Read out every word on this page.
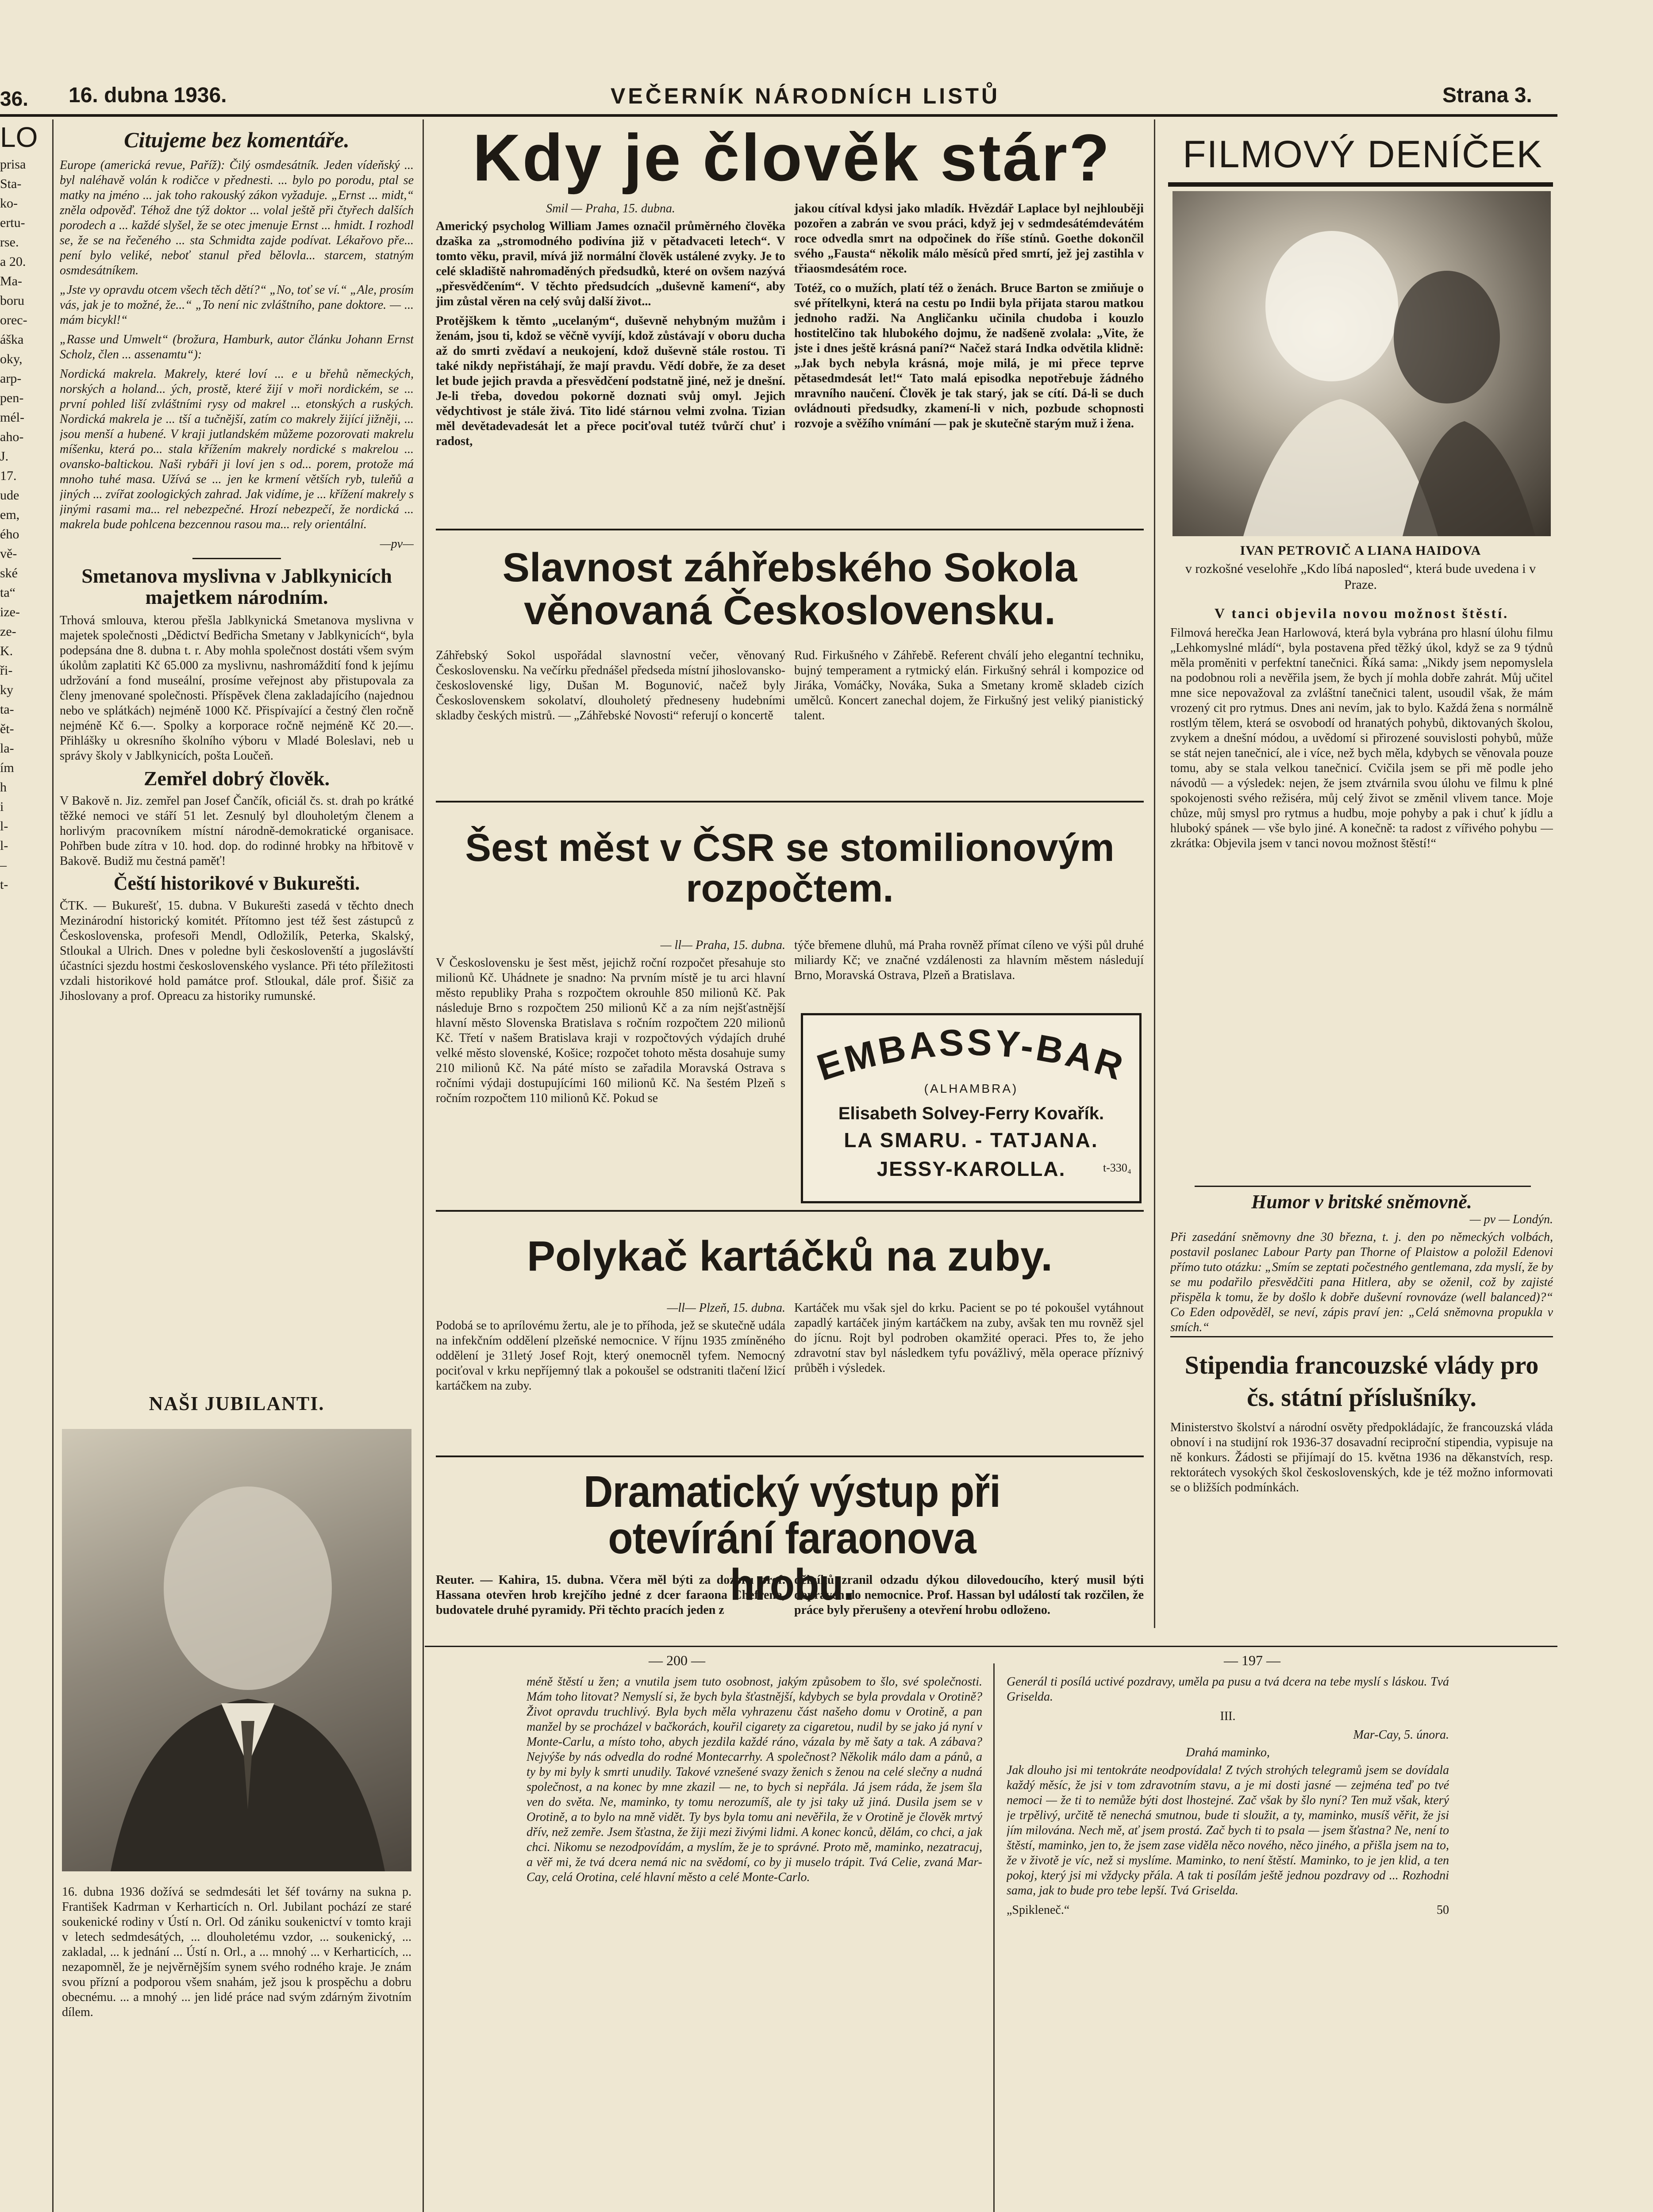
36. 16. dubna 1936.	VEČERNÍK NÁRODNÍCH LISTŮ	Strana 3.
LO
prisa
Sta-
ko-
ertu-
rse.
a 20.
Ma-
boru
orec-
áška
oky,
arp-
pen-
mél-
aho-
J.
17.
ude
em,
ého
vě-
ské
ta“
ize-
ze-
K.
ři-
ky
ta-
ět-
la-
ím
h
i
l-
l-
–
t-
Citujeme bez komentáře.

Europe (americká revue, Paříž): Čilý osmdesátník. Jeden vídeňský ... byl naléhavě volán k rodičce v přednesti. ... bylo po porodu, ptal se matky na jméno ... jak toho rakouský zákon vyžaduje. „Ernst ... midt,“ zněla odpověď. Téhož dne týž doktor ... volal ještě při čtyřech dalších porodech a ... každé slyšel, že se otec jmenuje Ernst ... hmidt. I rozhodl se, že se na řečeného ... sta Schmidta zajde podívat. Lékařovo pře... pení bylo veliké, neboť stanul před bělovla... starcem, statným osmdesátníkem.

„Jste vy opravdu otcem všech těch dětí?“ „No, toť se ví.“ „Ale, prosím vás, jak je to možné, že...“ „To není nic zvláštního, pane doktore. — ... mám bicykl!“

„Rasse und Umwelt“ (brožura, Hamburk, autor článku Johann Ernst Scholz, člen ... assenamtu“):

Nordická makrela. Makrely, které loví ... e u břehů německých, norských a holand... ých, prostě, které žijí v moři nordickém, se ... první pohled liší zvláštními rysy od makrel ... etonských a ruských. Nordická makrela je ... tší a tučnější, zatím co makrely žijící jižněji, ... jsou menší a hubené. V kraji jutlandském můžeme pozorovati makrelu míšenku, která po... stala křížením makrely nordické s makrelou ... ovansko-baltickou. Naši rybáři ji loví jen s od... porem, protože má mnoho tuhé masa. Užívá se ... jen ke krmení větších ryb, tuleňů a jiných ... zvířat zoologických zahrad. Jak vidíme, je ... křížení makrely s jinými rasami ma... rel nebezpečné. Hrozí nebezpečí, že nordická ... makrela bude pohlcena bezcennou rasou ma... rely orientální.

—pv—
Smetanova myslivna v Jablkynicích majetkem národním.

Trhová smlouva, kterou přešla Jablkynická Smetanova myslivna v majetek společnosti „Dědictví Bedřicha Smetany v Jablkynicích“, byla podepsána dne 8. dubna t. r. Aby mohla společnost dostáti všem svým úkolům zaplatiti Kč 65.000 za myslivnu, nashromáždití fond k jejímu udržování a fond museální, prosíme veřejnost aby přistupovala za členy jmenované společnosti. Příspěvek člena zakladajícího (najednou nebo ve splátkách) nejméně 1000 Kč. Přispívající a čestný člen ročně nejméně Kč 6.—. Spolky a korporace ročně nejméně Kč 20.—. Přihlášky u okresního školního výboru v Mladé Boleslavi, neb u správy školy v Jablkynicích, pošta Loučeň.

Zemřel dobrý člověk.

V Bakově n. Jiz. zemřel pan Josef Čančík, oficiál čs. st. drah po krátké těžké nemoci ve stáří 51 let. Zesnulý byl dlouholetým členem a horlivým pracovníkem místní národně-demokratické organisace. Pohřben bude zítra v 10. hod. dop. do rodinné hrobky na hřbitově v Bakově. Budiž mu čestná paměť!

Čeští historikové v Bukurešti.

ČTK. — Bukurešť, 15. dubna. V Bukurešti zasedá v těchto dnech Mezinárodní historický komitét. Přítomno jest též šest zástupců z Československa, profesoři Mendl, Odložilík, Peterka, Skalský, Stloukal a Ulrich. Dnes v poledne byli českoslovenští a jugoslávští účastníci sjezdu hostmi československého vyslance. Při této příležitosti vzdali historikové hold památce prof. Stloukal, dále prof. Šišič za Jihoslovany a prof. Opreacu za historiky rumunské.

NAŠI JUBILANTI.

16. dubna 1936 dožívá se sedmdesáti let šéf továrny na sukna p. František Kadrman v Kerharticích n. Orl. Jubilant pochází ze staré soukenické rodiny v Ústí n. Orl. Od zániku soukenictví v tomto kraji v letech sedmdesátých, ... dlouholetému vzdor, ... soukenický, ... zakladal, ... k jednání ... Ústí n. Orl., a ... mnohý ... v Kerharticích, ... nezapomněl, že je nejvěrnějším synem svého rodného kraje. Je znám svou přízní a podporou všem snahám, jež jsou k prospěchu a dobru obecnému. ... a mnohý ... jen lidé práce nad svým zdárným životním dílem.

Kdy je člověk stár?
Smil — Praha, 15. dubna.

Americký psycholog William James označil průměrného člověka dzaška za „stromodného podivína již v pětadvaceti letech“. V tomto věku, pravil, mívá již normální člověk ustálené zvyky. Je to celé skladiště nahromaděných předsudků, které on ovšem nazývá „přesvědčením“. V těchto předsudcích „duševně kamení“, aby jim zůstal věren na celý svůj další život...

Protějškem k těmto „ucelaným“, duševně nehybným mužům i ženám, jsou ti, kdož se věčně vyvíjí, kdož zůstávají v oboru ducha až do smrti zvědaví a neukojení, kdož duševně stále rostou. Ti také nikdy nepřistáhají, že mají pravdu. Vědí dobře, že za deset let bude jejich pravda a přesvědčení podstatně jiné, než je dnešní. Je-li třeba, dovedou pokorně doznati svůj omyl. Jejich vědychtivost je stále živá. Tito lidé stárnou velmi zvolna. Tizian měl devětadevadesát let a přece pociťoval tutéž tvůrčí chuť i radost,

jakou cítíval kdysi jako mladík. Hvězdář Laplace byl nejhlouběji pozořen a zabrán ve svou práci, když jej v sedmdesátémdevátém roce odvedla smrt na odpočinek do říše stínů. Goethe dokončil svého „Fausta“ několik málo měsíců před smrtí, jež jej zastihla v třiaosmdesátém roce.

Totéž, co o mužích, platí též o ženách. Bruce Barton se zmiňuje o své přítelkyni, která na cestu po Indii byla přijata starou matkou jednoho radži. Na Angličanku učinila chudoba i kouzlo hostitelčino tak hlubokého dojmu, že nadšeně zvolala: „Vite, že jste i dnes ještě krásná paní?“ Načež stará Indka odvětila klidně: „Jak bych nebyla krásná, moje milá, je mi přece teprve pětasedmdesát let!“ Tato malá episodka nepotřebuje žádného mravního naučení. Člověk je tak starý, jak se cítí. Dá-li se duch ovládnouti předsudky, zkamení-li v nich, pozbude schopnosti rozvoje a svěžího vnímání — pak je skutečně starým muž i žena.

Slavnost záhřebského Sokola věnovaná Československu.

Záhřebský Sokol uspořádal slavnostní večer, věnovaný Československu. Na večírku přednášel předseda místní jihoslovansko-československé ligy, Dušan M. Bogunović, načež byly Československem sokolatví, dlouholetý předneseny hudebními skladby českých mistrů. — „Záhřebské Novosti“ referují o koncertě

Rud. Firkušného v Záhřebě. Referent chválí jeho elegantní techniku, bujný temperament a rytmický elán. Firkušný sehrál i kompozice od Jiráka, Vomáčky, Nováka, Suka a Smetany kromě skladeb cizích umělců. Koncert zanechal dojem, že Firkušný jest veliký pianistický talent.

Šest měst v ČSR se stomilionovým rozpočtem.
— ll— Praha, 15. dubna.

V Československu je šest měst, jejichž roční rozpočet přesahuje sto milionů Kč. Uhádnete je snadno: Na prvním místě je tu arci hlavní město republiky Praha s rozpočtem okrouhle 850 milionů Kč. Pak následuje Brno s rozpočtem 250 milionů Kč a za ním nejšťastnější hlavní město Slovenska Bratislava s ročním rozpočtem 220 milionů Kč. Třetí v našem Bratislava kraji v rozpočtových výdajích druhé velké město slovenské, Košice; rozpočet tohoto města dosahuje sumy 210 milionů Kč. Na páté místo se zařadila Moravská Ostrava s ročními výdaji dostupujícími 160 milionů Kč. Na šestém Plzeň s ročním rozpočtem 110 milionů Kč. Pokud se

týče břemene dluhů, má Praha rovněž přímat cíleno ve výši půl druhé miliardy Kč; ve značné vzdálenosti za hlavním městem následují Brno, Moravská Ostrava, Plzeň a Bratislava.

EMBASSY-BAR
(ALHAMBRA)
Elisabeth Solvey-Ferry Kovařík.
LA SMARU. - TATJANA.
JESSY-KAROLLA.	t-330₄
Polykač kartáčků na zuby.
—ll— Plzeň, 15. dubna.

Podobá se to aprílovému žertu, ale je to příhoda, jež se skutečně udála na infekčním oddělení plzeňské nemocnice. V říjnu 1935 zmíněného oddělení je 31letý Josef Rojt, který onemocněl tyfem. Nemocný pociťoval v krku nepříjemný tlak a pokoušel se odstraniti tlačení lžicí kartáčkem na zuby.

Kartáček mu však sjel do krku. Pacient se po té pokoušel vytáhnout zapadlý kartáček jiným kartáčkem na zuby, avšak ten mu rovněž sjel do jícnu. Rojt byl podroben okamžité operaci. Přes to, že jeho zdravotní stav byl následkem tyfu povážlivý, měla operace příznivý průběh i výsledek.

Dramatický výstup při otevírání faraonova hrobu.

Reuter. — Kahira, 15. dubna. Včera měl býti za dozoru prof. Hassana otevřen hrob krejčího jedné z dcer faraona Chefrena, budovatele druhé pyramidy. Při těchto pracích jeden z

dělníků zranil odzadu dýkou dilovedoucího, který musil býti dopraven do nemocnice. Prof. Hassan byl událostí tak rozčilen, že práce byly přerušeny a otevření hrobu odloženo.

FILMOVÝ DENÍČEK
IVAN PETROVIČ A LIANA HAIDOVA
v rozkošné veselohře „Kdo líbá naposled“, která bude uvedena i v Praze.
V tanci objevila novou možnost štěstí.

Filmová herečka Jean Harlowová, která byla vybrána pro hlasní úlohu filmu „Lehkomyslné mládí“, byla postavena před těžký úkol, když se za 9 týdnů měla proměniti v perfektní tanečnici. Říká sama: „Nikdy jsem nepomyslela na podobnou roli a nevěřila jsem, že bych jí mohla dobře zahrát. Můj učitel mne sice nepovažoval za zvláštní tanečnici talent, usoudil však, že mám vrozený cit pro rytmus. Dnes ani nevím, jak to bylo. Každá žena s normálně rostlým tělem, která se osvobodí od hranatých pohybů, diktovaných školou, zvykem a dnešní módou, a uvědomí si přirozené souvislosti pohybů, může se stát nejen tanečnicí, ale i více, než bych měla, kdybych se věnovala pouze tomu, aby se stala velkou tanečnicí. Cvičila jsem se při mě podle jeho návodů — a výsledek: nejen, že jsem ztvárnila svou úlohu ve filmu k plné spokojenosti svého režiséra, můj celý život se změnil vlivem tance. Moje chůze, můj smysl pro rytmus a hudbu, moje pohyby a pak i chuť k jídlu a hluboký spánek — vše bylo jiné. A konečně: ta radost z vířivého pohybu — zkrátka: Objevila jsem v tanci novou možnost štěstí!“

Humor v britské sněmovně.
— pv — Londýn.

Při zasedání sněmovny dne 30 března, t. j. den po německých volbách, postavil poslanec Labour Party pan Thorne of Plaistow a položil Edenovi přímo tuto otázku: „Smím se zeptati počestného gentlemana, zda myslí, že by se mu podařilo přesvědčiti pana Hitlera, aby se oženil, což by zajisté přispěla k tomu, že by došlo k dobře duševní rovnováze (well balanced)?“ Co Eden odpověděl, se neví, zápis praví jen: „Celá sněmovna propukla v smích.“

Stipendia francouzské vlády pro čs. státní příslušníky.

Ministerstvo školství a národní osvěty předpokládajíc, že francouzská vláda obnoví i na studijní rok 1936-37 dosavadní reciproční stipendia, vypisuje na ně konkurs. Žádosti se přijímají do 15. května 1936 na děkanstvích, resp. rektorátech vysokých škol československých, kde je též možno informovati se o bližších podmínkách.

— 200 —	— 197 —

méně štěstí u žen; a vnutila jsem tuto osobnost, jakým způsobem to šlo, své společnosti. Mám toho litovat? Nemyslí si, že bych byla šťastnější, kdybych se byla provdala v Orotině? Život opravdu truchlivý. Byla bych měla vyhrazenu část našeho domu v Orotině, a pan manžel by se procházel v bačkorách, kouřil cigarety za cigaretou, nudil by se jako já nyní v Monte-Carlu, a místo toho, abych jezdila každé ráno, vázala by mě šaty a tak. A zábava? Nejvýše by nás odvedla do rodné Montecarrhy. A společnost? Několik málo dam a pánů, a ty by mi byly k smrti unudily. Takové vznešené svazy ženich s ženou na celé slečny a nudná společnost, a na konec by mne zkazil — ne, to bych si nepřála. Já jsem ráda, že jsem šla ven do světa. Ne, maminko, ty tomu nerozumíš, ale ty jsi taky už jiná. Dusila jsem se v Orotině, a to bylo na mně vidět. Ty bys byla tomu ani nevěřila, že v Orotině je člověk mrtvý dřív, než zemře. Jsem šťastna, že žiji mezi živými lidmi. A konec konců, dělám, co chci, a jak chci. Nikomu se nezodpovídám, a myslím, že je to správné. Proto mě, maminko, nezatracuj, a věř mi, že tvá dcera nemá nic na svědomí, co by ji muselo trápit. Tvá Celie, zvaná Mar-Cay, celá Orotina, celé hlavní město a celé Monte-Carlo.

Generál ti posílá uctivé pozdravy, uměla pa pusu a tvá dcera na tebe myslí s láskou. Tvá Griselda.

III.
Mar-Cay, 5. února.
Drahá maminko,

Jak dlouho jsi mi tentokráte neodpovídala! Z tvých strohých telegramů jsem se dovídala každý měsíc, že jsi v tom zdravotním stavu, a je mi dosti jasné — zejména teď po tvé nemoci — že ti to nemůže býti dost lhostejné. Zač však by šlo nyní? Ten muž však, který je trpělivý, určitě tě nenechá smutnou, bude ti sloužit, a ty, maminko, musíš věřit, že jsi jím milována. Nech mě, ať jsem prostá. Zač bych ti to psala — jsem šťastna? Ne, není to štěstí, maminko, jen to, že jsem zase viděla něco nového, něco jiného, a přišla jsem na to, že v životě je víc, než si myslíme. Maminko, to není štěstí. Maminko, to je jen klid, a ten pokoj, který jsi mi vždycky přála. A tak ti posílám ještě jednou pozdravy od ... Rozhodni sama, jak to bude pro tebe lepší. Tvá Griselda.

„Spikleneč.“	50
